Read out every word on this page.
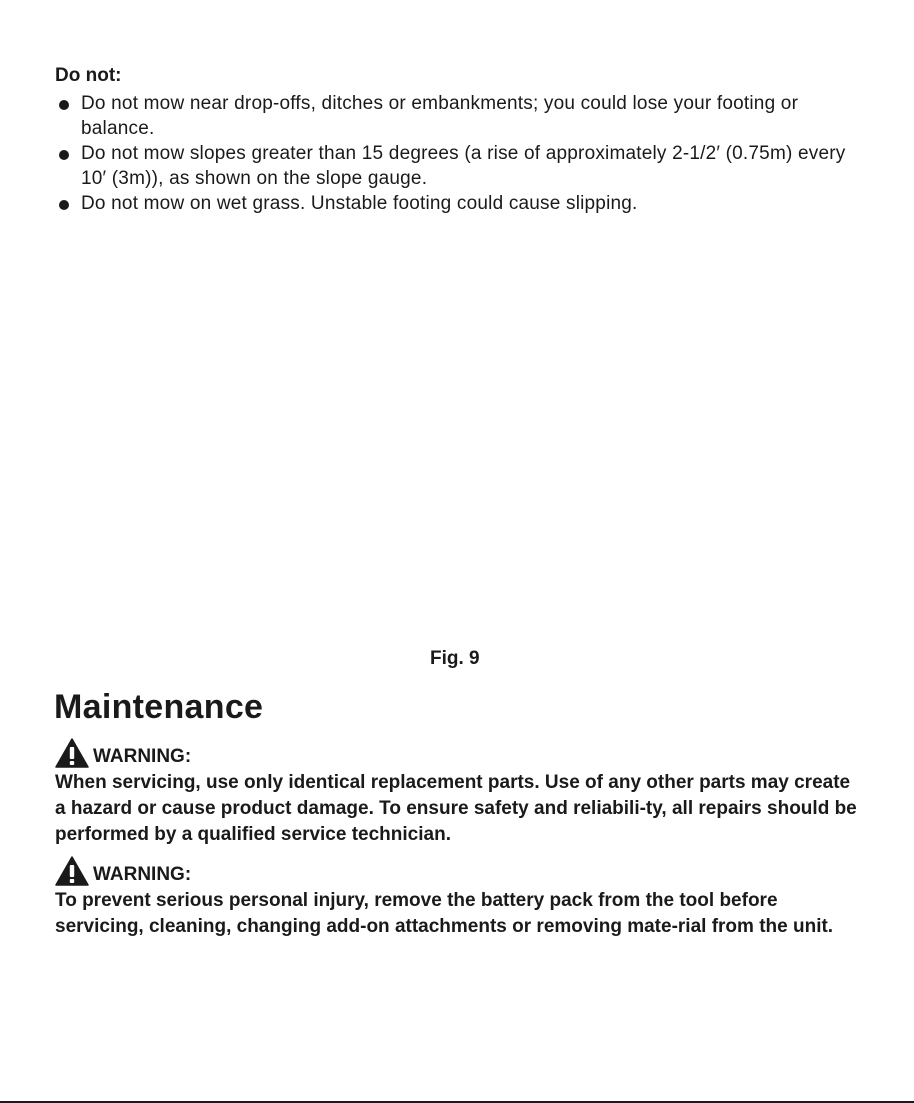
Do not:
Do not mow near drop-offs, ditches or embankments; you could lose your footing or balance.
Do not mow slopes greater than 15 degrees (a rise of approximately 2-1/2′ (0.75m) every 10′ (3m)), as shown on the slope gauge.
Do not mow on wet grass. Unstable footing could cause slipping.
Fig. 9
Maintenance
WARNING:
When servicing, use only identical replacement parts. Use of any other parts may create a hazard or cause product damage. To ensure safety and reliabili-ty, all repairs should be performed by a qualified service technician.
WARNING:
To prevent serious personal injury, remove the battery pack from the tool before servicing, cleaning, changing add-on attachments or removing mate-rial from the unit.
